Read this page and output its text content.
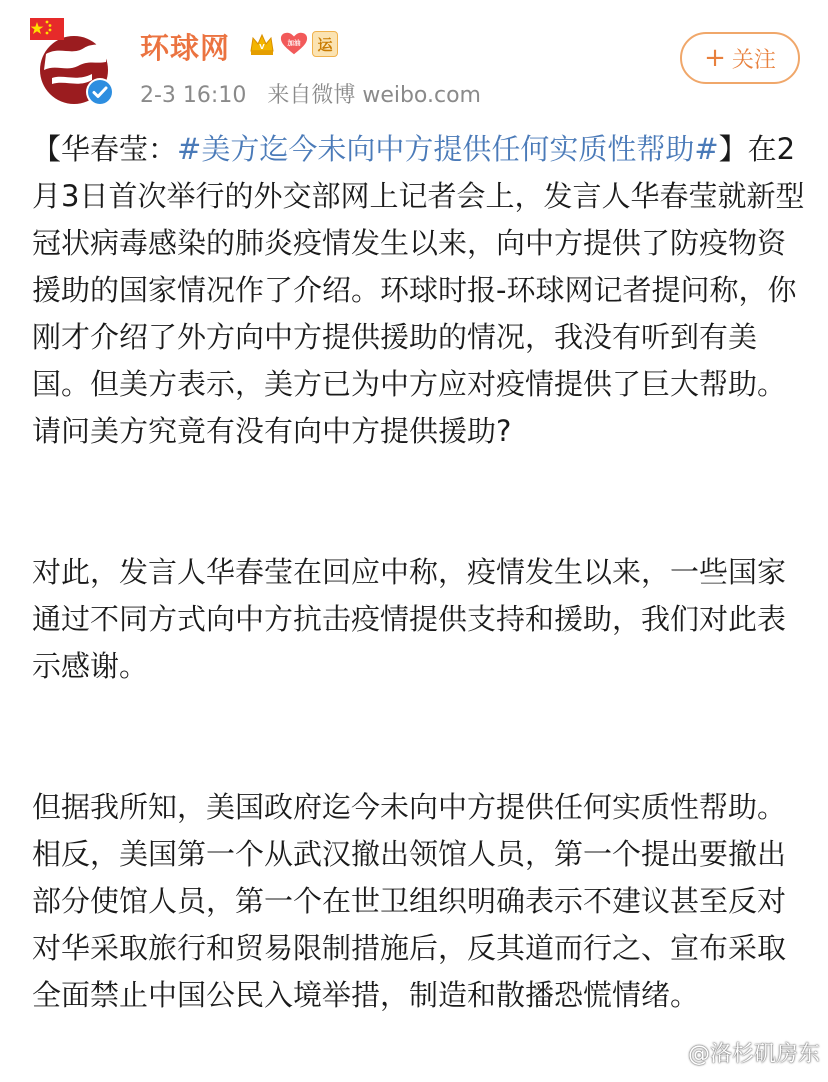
环球网	V
加油	运
2-3 16:10 来自微博 weibo.com
+ 关注

【华春莹：#美方迄今未向中方提供任何实质性帮助#】在2月3日首次举行的外交部网上记者会上，发言人华春莹就新型冠状病毒感染的肺炎疫情发生以来，向中方提供了防疫物资援助的国家情况作了介绍。环球时报-环球网记者提问称，你刚才介绍了外方向中方提供援助的情况，我没有听到有美国。但美方表示，美方已为中方应对疫情提供了巨大帮助。请问美方究竟有没有向中方提供援助?

对此，发言人华春莹在回应中称，疫情发生以来，一些国家通过不同方式向中方抗击疫情提供支持和援助，我们对此表示感谢。

但据我所知，美国政府迄今未向中方提供任何实质性帮助。相反，美国第一个从武汉撤出领馆人员，第一个提出要撤出部分使馆人员，第一个在世卫组织明确表示不建议甚至反对对华采取旅行和贸易限制措施后，反其道而行之、宣布采取全面禁止中国公民入境举措，制造和散播恐慌情绪。

@洛杉矶房东
